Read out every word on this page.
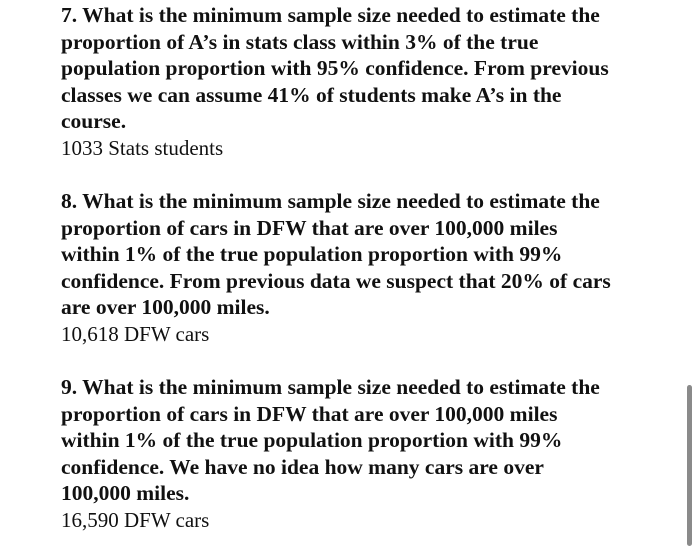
7. What is the minimum sample size needed to estimate the
proportion of A’s in stats class within 3% of the true
population proportion with 95% confidence. From previous
classes we can assume 41% of students make A’s in the
course.

1033 Stats students

8. What is the minimum sample size needed to estimate the
proportion of cars in DFW that are over 100,000 miles
within 1% of the true population proportion with 99%
confidence. From previous data we suspect that 20% of cars
are over 100,000 miles.

10,618 DFW cars

9. What is the minimum sample size needed to estimate the
proportion of cars in DFW that are over 100,000 miles
within 1% of the true population proportion with 99%
confidence. We have no idea how many cars are over
100,000 miles.

16,590 DFW cars
